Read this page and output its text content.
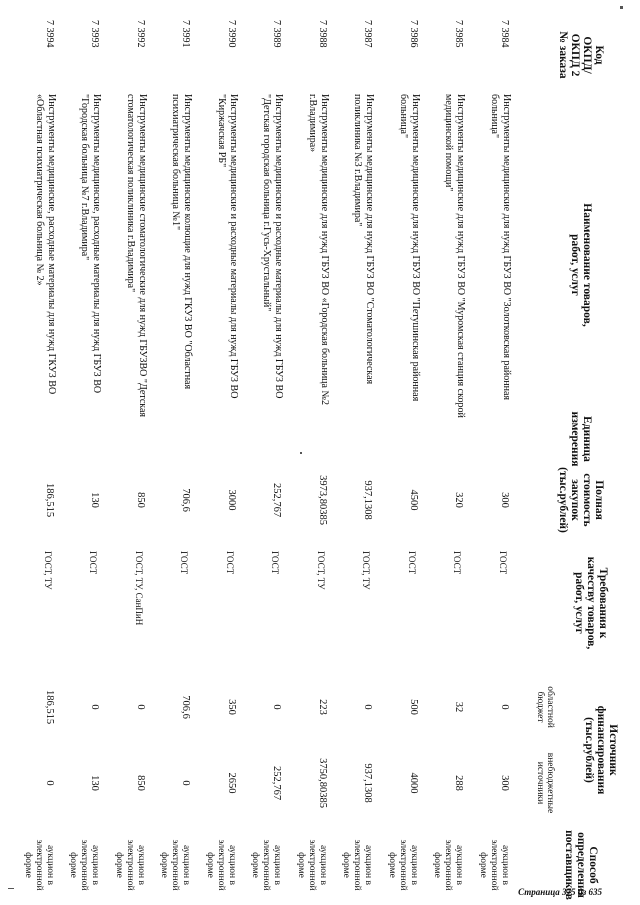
Код
ОКПД/
ОКПД 2
№ заказа
Наименование товаров,
работ, услуг
Единица
измерения
Полная
стоимость
закупок
(тыс.рублей)
Требования к
качеству товаров,
работ, услуг
Источник
финансирования
(тыс.рублей)
областной
бюджет
внебюджетные
источники
Способ
определения
поставщиков
7 3984
Инструменты медицинские для нужд ГБУЗ ВО "Золотковская районная больница"
300
ГОСТ
0
300
аукцион в электронной форме
7 3985
Инструменты медицинские для нужд ГБУЗ ВО "Муромская станция скорой медицинской помощи"
320
ГОСТ
32
288
аукцион в электронной форме
7 3986
Инструменты медицинские для нужд ГБУЗ ВО "Петушинская районная больница"
4500
ГОСТ
500
4000
аукцион в электронной форме
7 3987
Инструменты медицинские для нужд ГБУЗ ВО "Стоматологическая поликлиника №3 г.Владимира"
937,1308
ГОСТ, ТУ
0
937,1308
аукцион в электронной форме
7 3988
Инструменты медицинские для нужд ГБУЗ ВО «Городская больница №2 г.Владимира»
3973,80385
ГОСТ, ТУ
223
3750,80385
аукцион в электронной форме
7 3989
Инструменты медицинские и расходные материалы для нужд ГБУЗ ВО "Детская городская больница г.Гусь-Хрустальный"
252,767
ГОСТ
0
252,767
аукцион в электронной форме
7 3990
Инструменты медицинские и расходные материалы для нужд ГБУЗ ВО "Киржачская РБ"
3000
ГОСТ
350
2650
аукцион в электронной форме
7 3991
Инструменты медицинские колющие для нужд ГКУЗ ВО "Областная психиатрическая больница №1"
706,6
ГОСТ
706,6
0
аукцион в электронной форме
7 3992
Инструменты медицинские стоматологические для нужд ГБУЗВО "Детская стоматологическая поликлиника г.Владимира"
850
ГОСТ, ТУ, СанПиН
0
850
аукцион в электронной форме
7 3993
Инструменты медицинские, расходные материалы для нужд ГБУЗ ВО "Городская больница №7 г.Владимира"
130
ГОСТ
0
130
аукцион в электронной форме
7 3994
Инструменты медицинские, расходные материалы для нужд ГКУЗ ВО «Областная психиатрическая больница № 2»
186,515
ГОСТ, ТУ
186,515
0
аукцион в электронной форме
Страница 375 из 635
